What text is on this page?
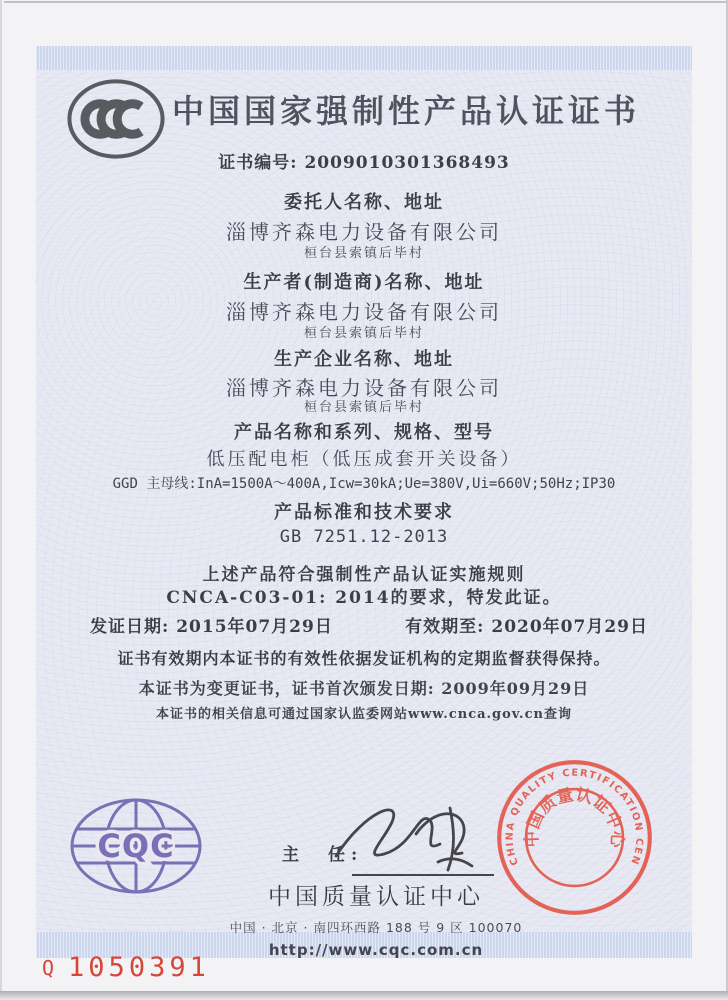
中国国家强制性产品认证证书
证书编号: 2009010301368493
委托人名称、地址
淄博齐森电力设备有限公司
桓台县索镇后毕村
生产者(制造商)名称、地址
淄博齐森电力设备有限公司
桓台县索镇后毕村
生产企业名称、地址
淄博齐森电力设备有限公司
桓台县索镇后毕村
产品名称和系列、规格、型号
低压配电柜（低压成套开关设备）
GGD 主母线:InA=1500A～400A,Icw=30kA;Ue=380V,Ui=660V;50Hz;IP30
产品标准和技术要求
GB 7251.12-2013
上述产品符合强制性产品认证实施规则
CNCA-C03-01: 2014的要求，特发此证。
发证日期: 2015年07月29日	有效期至: 2020年07月29日
证书有效期内本证书的有效性依据发证机构的定期监督获得保持。
本证书为变更证书，证书首次颁发日期: 2009年09月29日
本证书的相关信息可通过国家认监委网站www.cnca.gov.cn查询
CQC	主　任:
中国质量认证中心
中国 · 北京 · 南四环西路 188 号 9 区 100070
http://www.cqc.com.cn
CHINA QUALITY CERTIFICATION CENTRE
中国质量认证中心
Q 1050391
